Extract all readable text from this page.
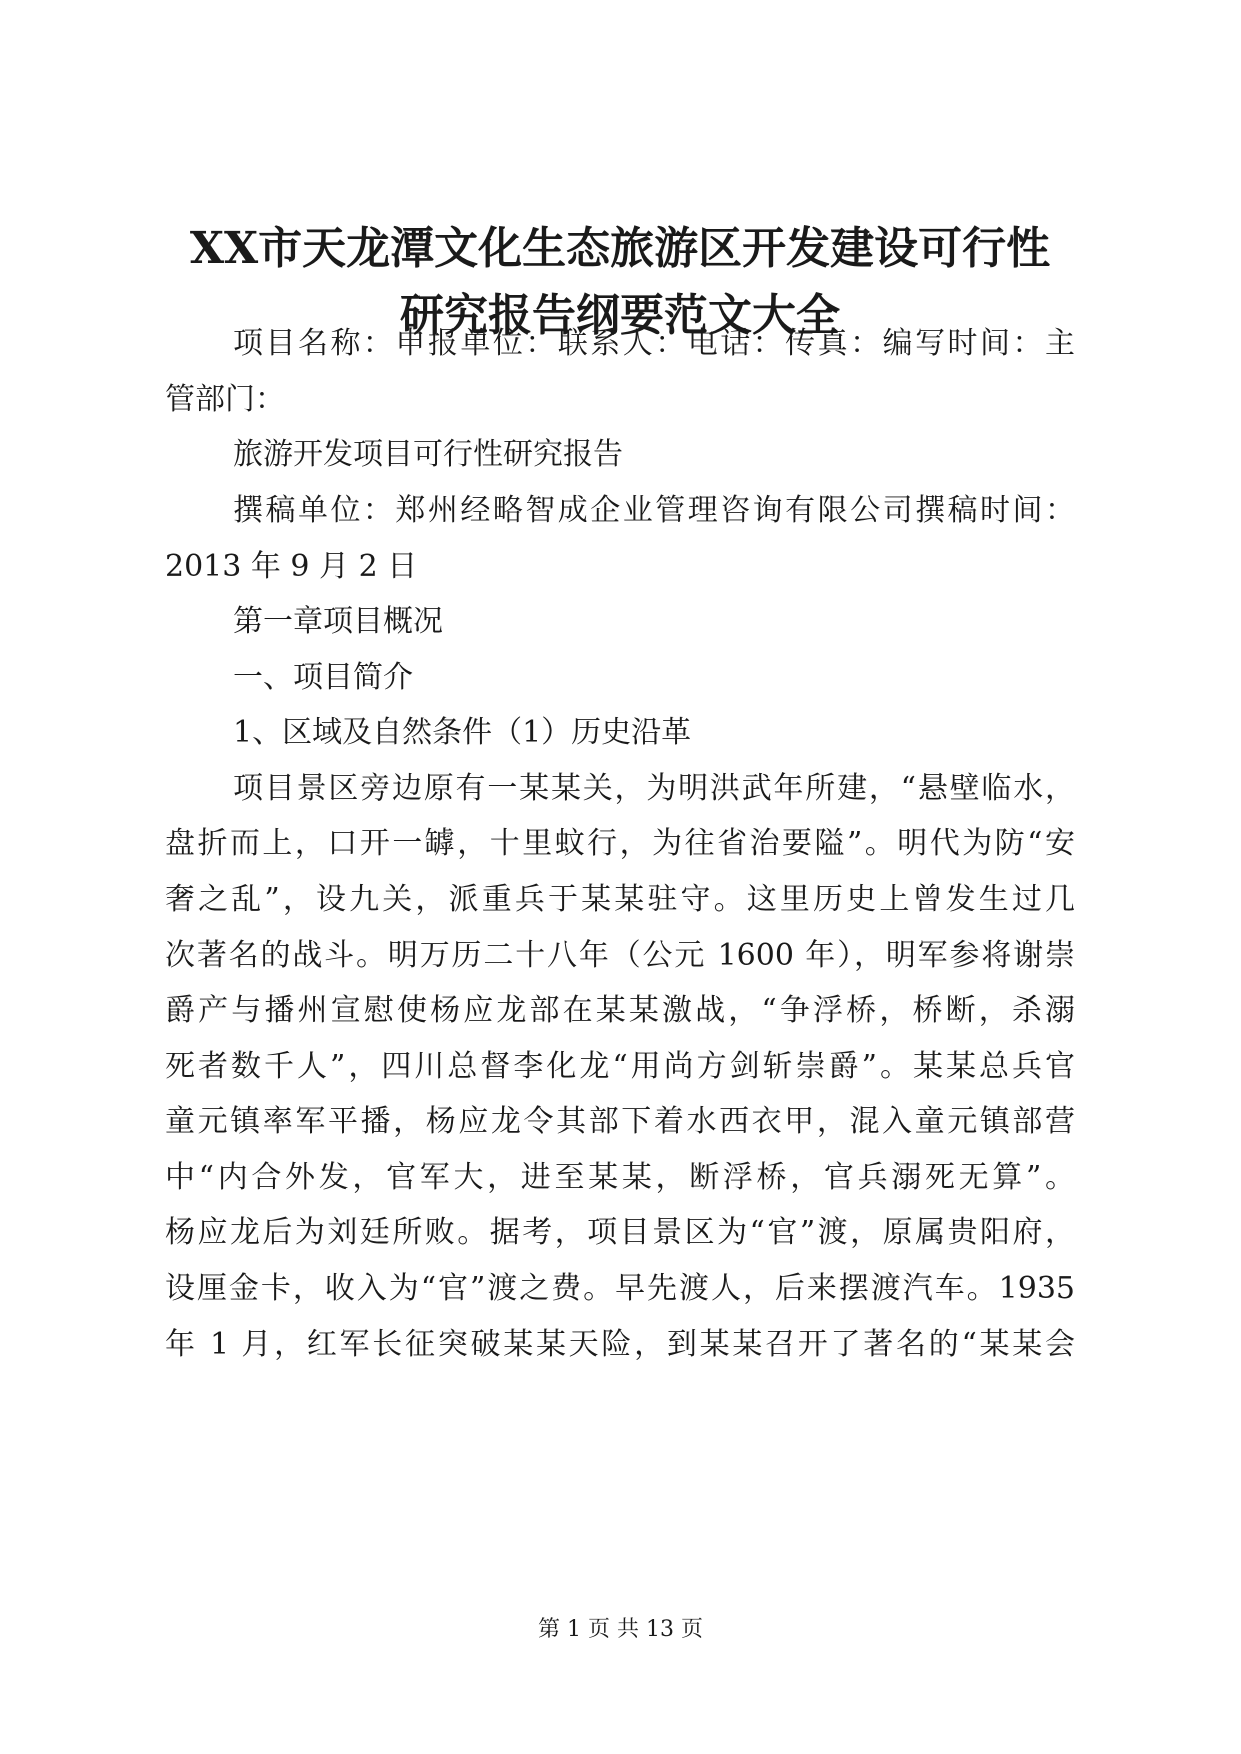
XX市天龙潭文化生态旅游区开发建设可行性
研究报告纲要范文大全
项目名称：申报单位：联系人：电话：传真：编写时间：主
管部门：
旅游开发项目可行性研究报告
撰稿单位：郑州经略智成企业管理咨询有限公司撰稿时间：
2013 年 9 月 2 日
第一章项目概况
一、项目简介
1、区域及自然条件（1）历史沿革
项目景区旁边原有一某某关，为明洪武年所建，“悬壁临水，
盘折而上，口开一罅，十里蚊行，为往省治要隘”。明代为防“安
奢之乱”，设九关，派重兵于某某驻守。这里历史上曾发生过几
次著名的战斗。明万历二十八年（公元 1600 年），明军参将谢崇
爵产与播州宣慰使杨应龙部在某某激战，“争浮桥，桥断，杀溺
死者数千人”，四川总督李化龙“用尚方剑斩崇爵”。某某总兵官
童元镇率军平播，杨应龙令其部下着水西衣甲，混入童元镇部营
中“内合外发，官军大，进至某某，断浮桥，官兵溺死无算”。
杨应龙后为刘廷所败。据考，项目景区为“官”渡，原属贵阳府，
设厘金卡，收入为“官”渡之费。早先渡人，后来摆渡汽车。1935
年 1 月，红军长征突破某某天险，到某某召开了著名的“某某会
第 1 页 共 13 页
